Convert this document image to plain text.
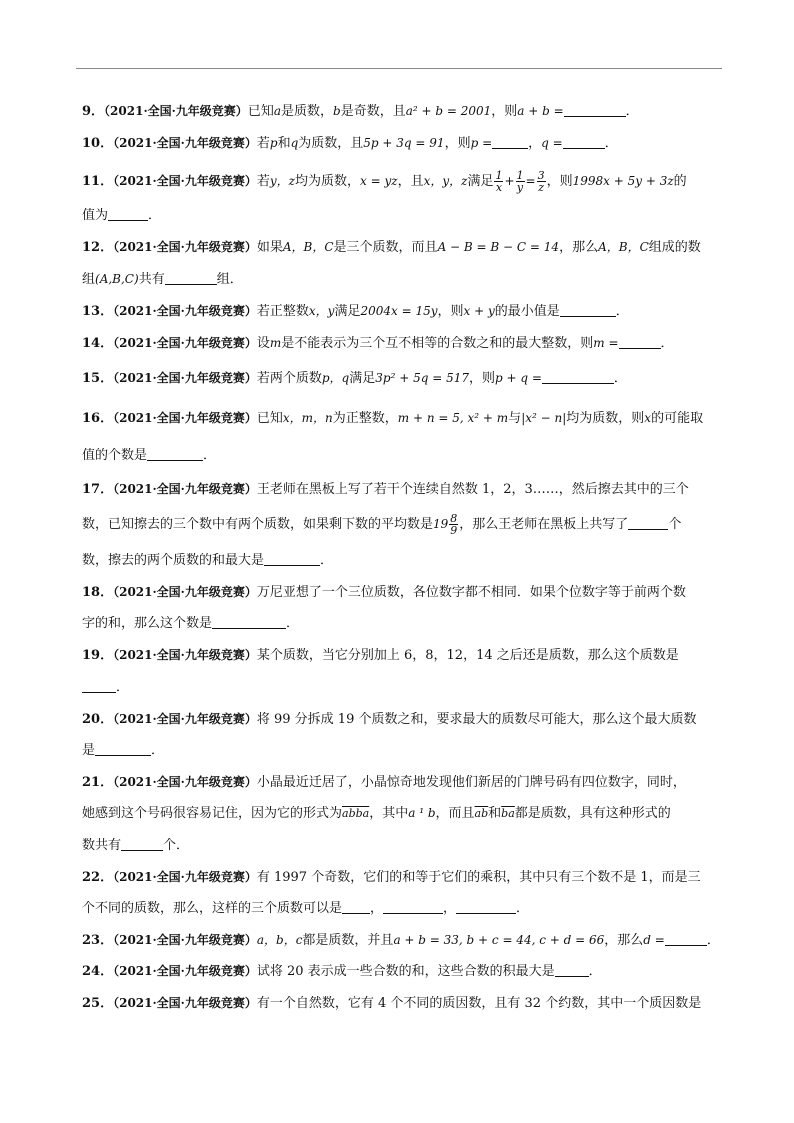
9．（2021·全国·九年级竞赛）已知a是质数，b是奇数，且a² + b = 2001，则a + b =	．
10．（2021·全国·九年级竞赛）若p和q为质数，且5p + 3q = 91，则p =	，q =	．
11．（2021·全国·九年级竞赛）若y，z均为质数，x = yz，且x，y，z满足 $\frac{1}{x} + \frac{1}{y} = \frac{3}{z}$ ，则1998x + 5y + 3z的
值为	．
12．（2021·全国·九年级竞赛）如果A，B，C是三个质数，而且A − B = B − C = 14，那么A，B，C组成的数
组(A,B,C)共有	组．
13．（2021·全国·九年级竞赛）若正整数x，y满足2004x = 15y，则x + y的最小值是	．
14．（2021·全国·九年级竞赛）设m是不能表示为三个互不相等的合数之和的最大整数，则m =	．
15．（2021·全国·九年级竞赛）若两个质数p，q满足3p² + 5q = 517，则p + q =	．
16．（2021·全国·九年级竞赛）已知x，m，n为正整数，m + n = 5, x² + m与|x² − n|均为质数，则x的可能取
值的个数是	．
17．（2021·全国·九年级竞赛）王老师在黑板上写了若干个连续自然数 1，2，3……，然后擦去其中的三个
数，已知擦去的三个数中有两个质数，如果剩下数的平均数是$19 \frac{8}{9}$ ，那么王老师在黑板上共写了	个
数，擦去的两个质数的和最大是	．
18．（2021·全国·九年级竞赛）万尼亚想了一个三位质数，各位数字都不相同．如果个位数字等于前两个数
字的和，那么这个数是	．
19．（2021·全国·九年级竞赛）某个质数，当它分别加上 6，8，12，14 之后还是质数，那么这个质数是
．
20．（2021·全国·九年级竞赛）将 99 分拆成 19 个质数之和，要求最大的质数尽可能大，那么这个最大质数
是	．
21．（2021·全国·九年级竞赛）小晶最近迁居了，小晶惊奇地发现他们新居的门牌号码有四位数字，同时，
她感到这个号码很容易记住，因为它的形式为abba，其中a ¹ b，而且$\overline{ab}$和$\overline{ba}$都是质数，具有这种形式的
数共有	个．
22．（2021·全国·九年级竞赛）有 1997 个奇数，它们的和等于它们的乘积，其中只有三个数不是 1，而是三
个不同的质数，那么，这样的三个质数可以是 ，	，	．
23．（2021·全国·九年级竞赛）a，b，c都是质数，并且a + b = 33, b + c = 44, c + d = 66，那么d =	．
24．（2021·全国·九年级竞赛）试将 20 表示成一些合数的和，这些合数的积最大是	．
25．（2021·全国·九年级竞赛）有一个自然数，它有 4 个不同的质因数，且有 32 个约数，其中一个质因数是
